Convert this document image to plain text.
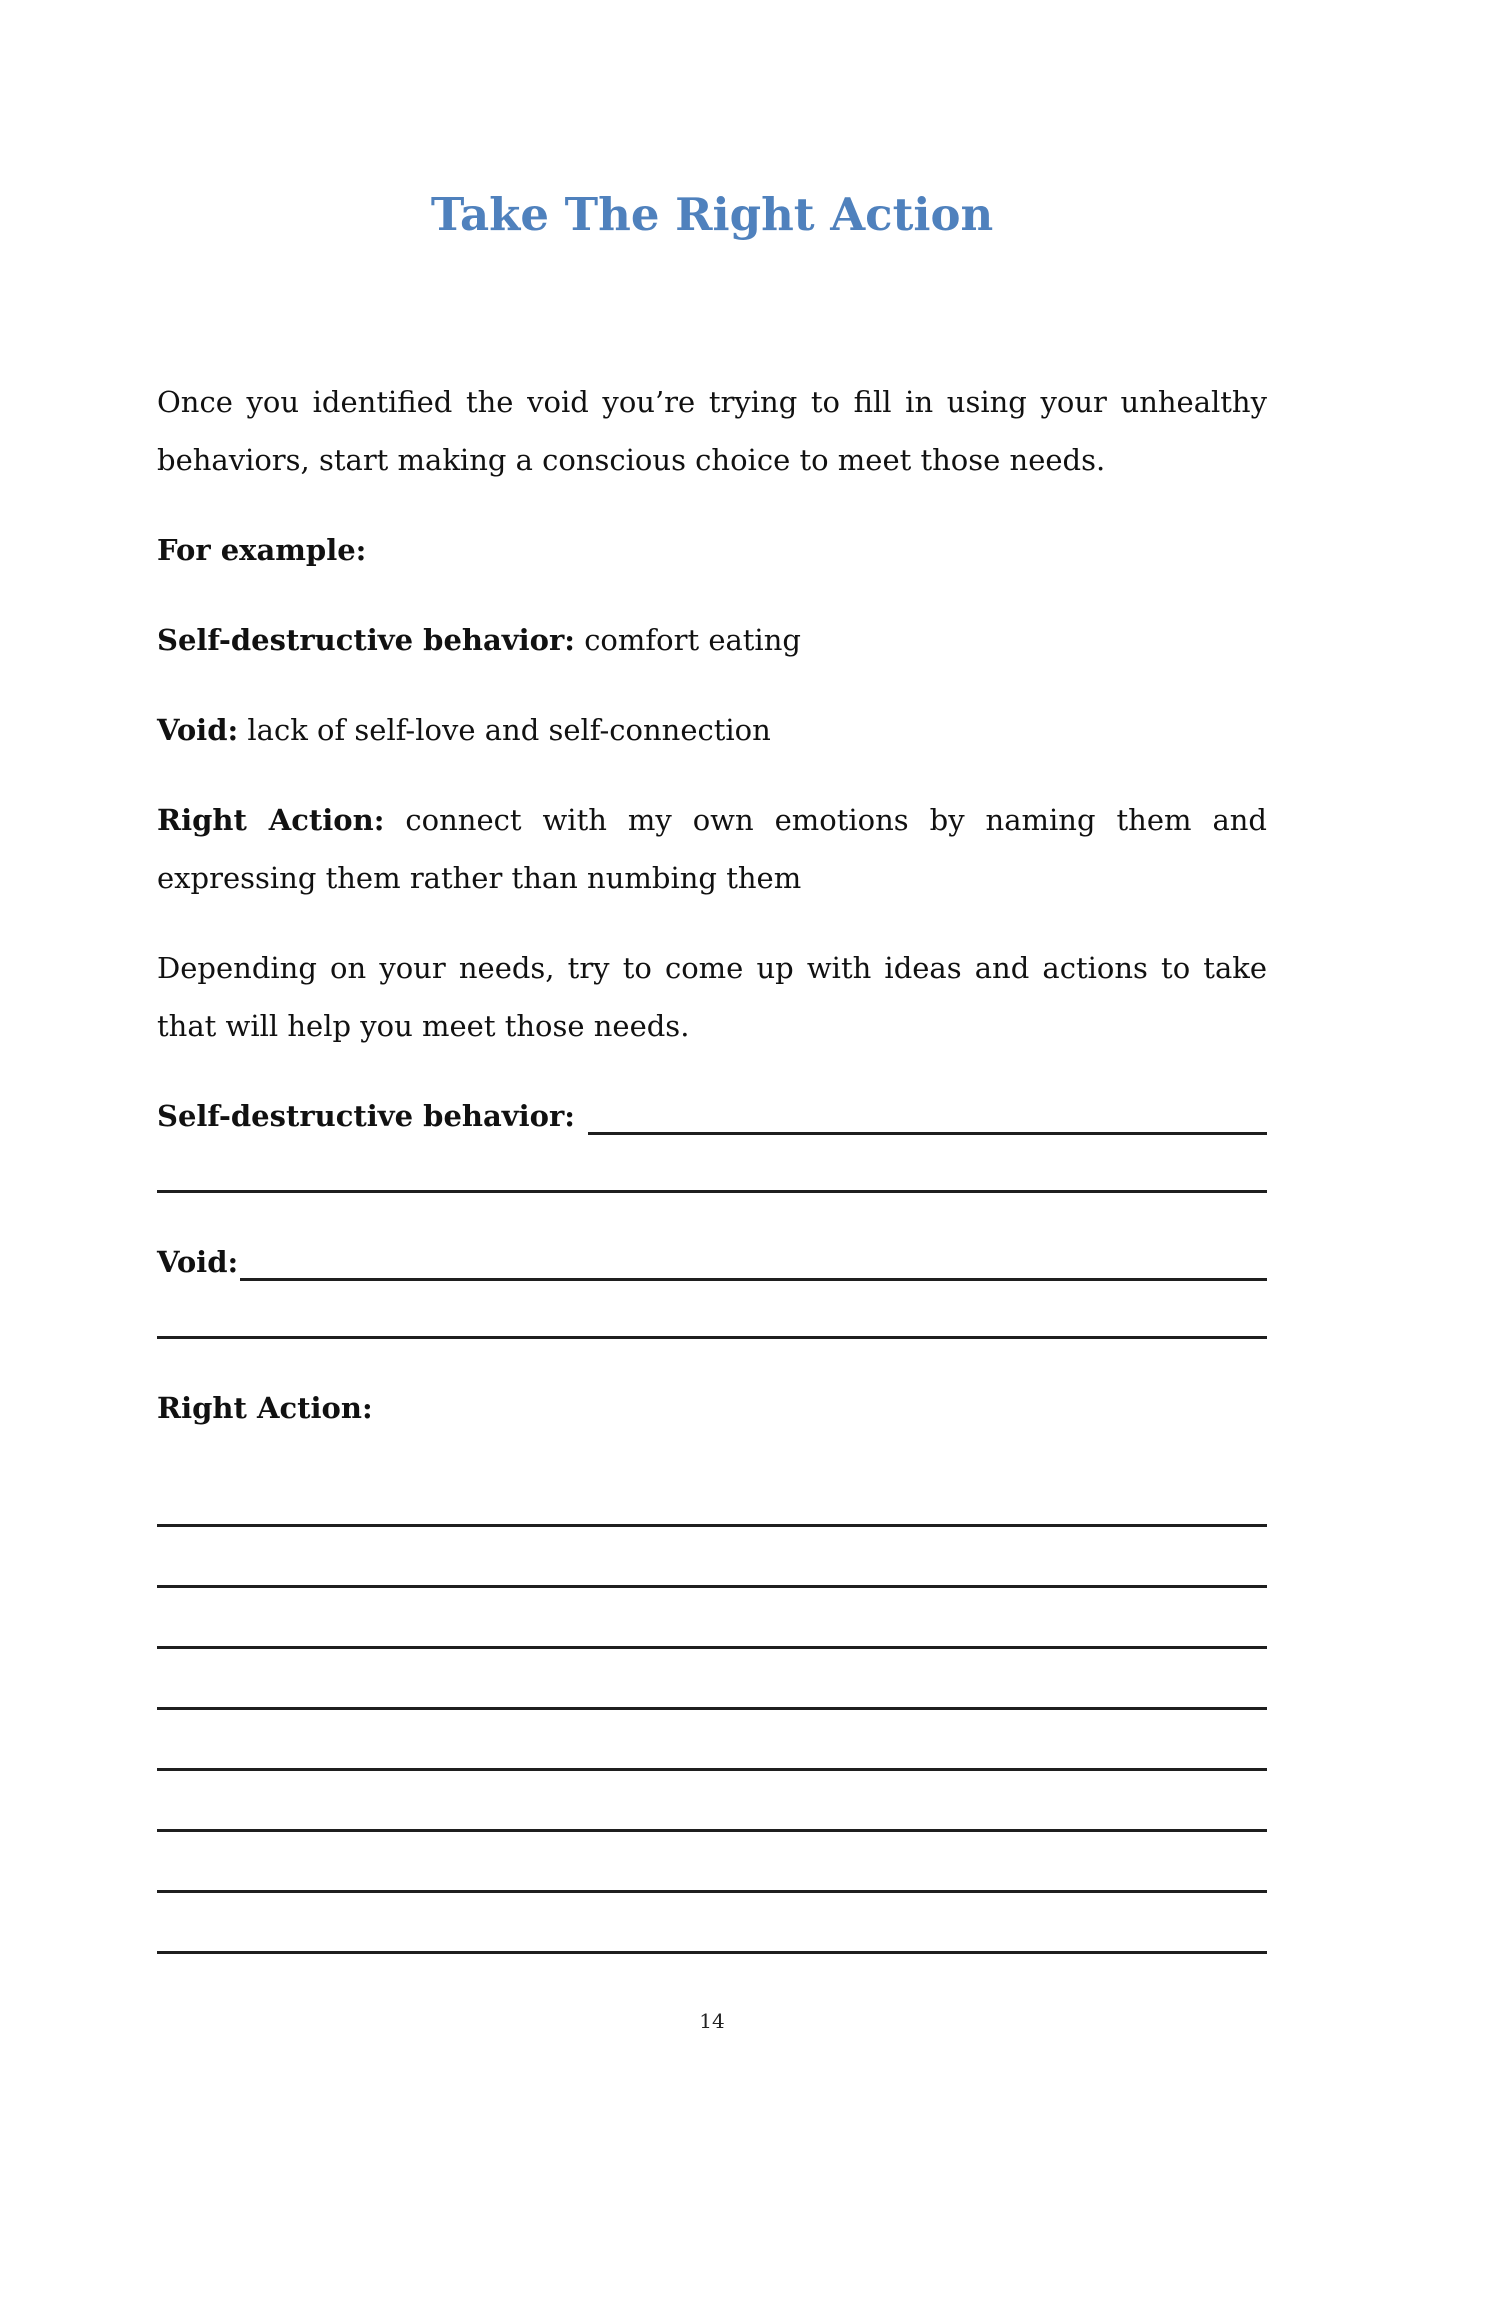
Take The Right Action

Once you identified the void you’re trying to fill in using your unhealthy behaviors, start making a conscious choice to meet those needs.

For example:

Self-destructive behavior: comfort eating

Void: lack of self-love and self-connection

Right Action: connect with my own emotions by naming them and expressing them rather than numbing them

Depending on your needs, try to come up with ideas and actions to take that will help you meet those needs.

Self-destructive behavior:
Void:

Right Action:

14
